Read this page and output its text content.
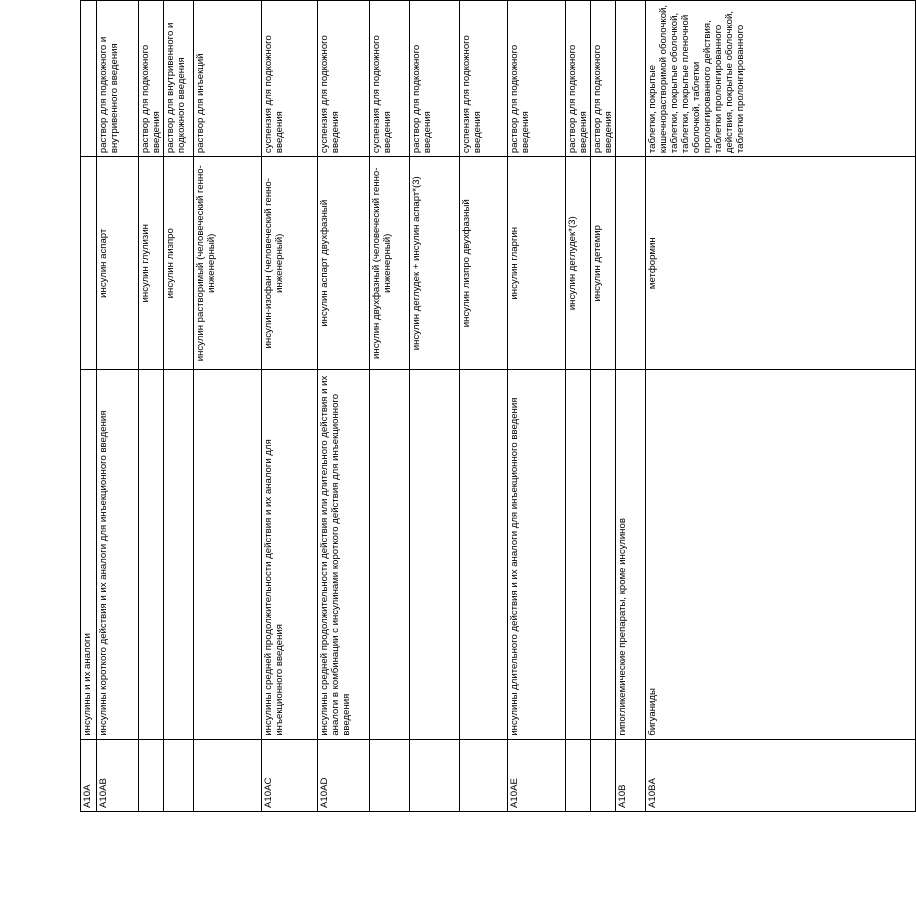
A10A	инсулины и их аналоги		
A10AB	инсулины короткого действия и их аналоги для инъекционного введения	инсулин аспарт	раствор для подкожного и внутривенного введения
		инсулин глулизин	раствор для подкожного введения
		инсулин лизпро	раствор для внутривенного и подкожного введения
		инсулин растворимый (человеческий генно-инженерный)	раствор для инъекций
A10AC	инсулины средней продолжительности действия и их аналоги для инъекционного введения	инсулин-изофан (человеческий генно-инженерный)	суспензия для подкожного введения
A10AD	инсулины средней продолжительности действия или длительного действия и их аналоги в комбинации с инсулинами короткого действия для инъекционного введения	инсулин аспарт двухфазный	суспензия для подкожного введения
		инсулин двухфазный (человеческий генно-инженерный)	суспензия для подкожного введения
		инсулин деглудек + инсулин аспарт*(3)	раствор для подкожного введения
		инсулин лизпро двухфазный	суспензия для подкожного введения
A10AE	инсулины длительного действия и их аналоги для инъекционного введения	инсулин гларгин	раствор для подкожного введения
		инсулин деглудек*(3)	раствор для подкожного введения
		инсулин детемир	раствор для подкожного введения
A10B	гипогликемические препараты, кроме инсулинов		
A10BA	бигуаниды	метформин	таблетки, покрытые кишечнорастворимой оболочкой, таблетки, покрытые оболочкой, таблетки, покрытые пленочной оболочкой, таблетки пролонгированного действия, таблетки пролонгированного действия, покрытые оболочкой, таблетки пролонгированного
